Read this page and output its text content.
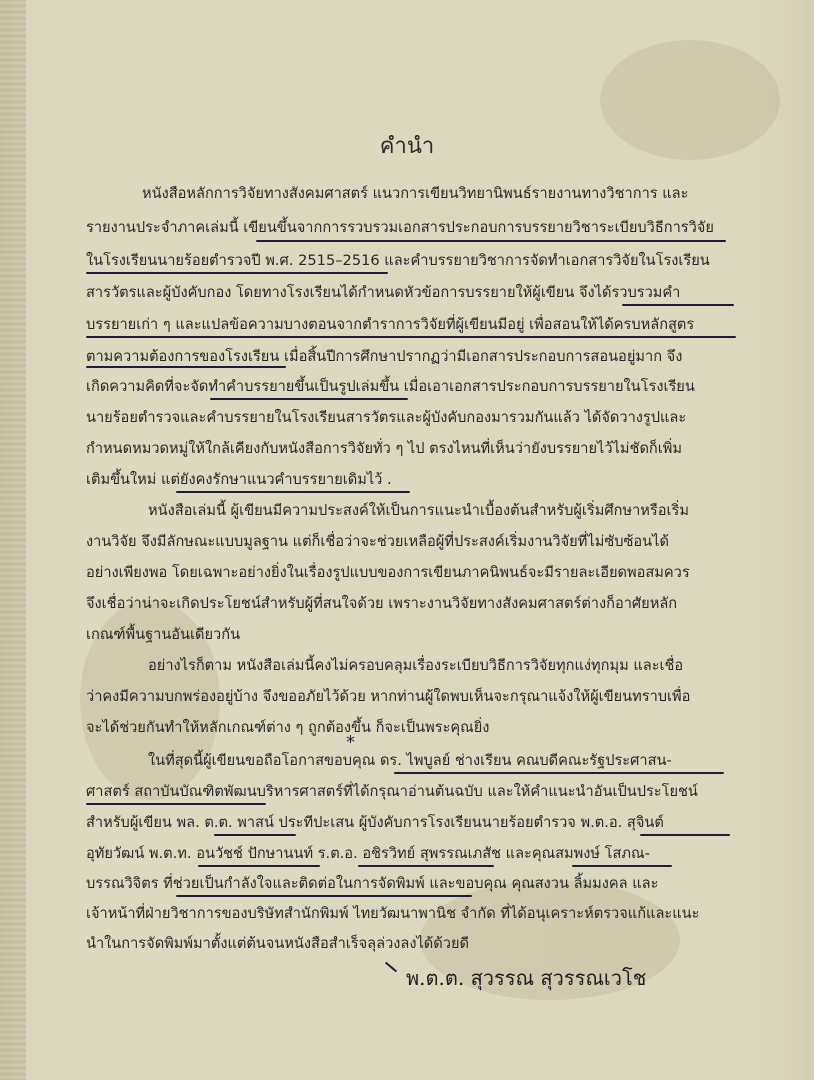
คำนำ
หนังสือหลักการวิจัยทางสังคมศาสตร์ แนวการเขียนวิทยานิพนธ์รายงานทางวิชาการ และ
รายงานประจำภาคเล่มนี้ เขียนขึ้นจากการรวบรวมเอกสารประกอบการบรรยายวิชาระเบียบวิธีการวิจัย
ในโรงเรียนนายร้อยตำรวจปี พ.ศ. 2515–2516 และคำบรรยายวิชาการจัดทำเอกสารวิจัยในโรงเรียน
สารวัตรและผู้บังคับกอง โดยทางโรงเรียนได้กำหนดหัวข้อการบรรยายให้ผู้เขียน จึงได้รวบรวมคำ
บรรยายเก่า ๆ และแปลข้อความบางตอนจากตำราการวิจัยที่ผู้เขียนมีอยู่ เพื่อสอนให้ได้ครบหลักสูตร
ตามความต้องการของโรงเรียน เมื่อสิ้นปีการศึกษาปรากฏว่ามีเอกสารประกอบการสอนอยู่มาก จึง
เกิดความคิดที่จะจัดทำคำบรรยายขึ้นเป็นรูปเล่มขึ้น เมื่อเอาเอกสารประกอบการบรรยายในโรงเรียน
นายร้อยตำรวจและคำบรรยายในโรงเรียนสารวัตรและผู้บังคับกองมารวมกันแล้ว ได้จัดวางรูปและ
กำหนดหมวดหมู่ให้ใกล้เคียงกับหนังสือการวิจัยทั่ว ๆ ไป ตรงไหนที่เห็นว่ายังบรรยายไว้ไม่ชัดก็เพิ่ม
เติมขึ้นใหม่ แต่ยังคงรักษาแนวคำบรรยายเดิมไว้ .
หนังสือเล่มนี้ ผู้เขียนมีความประสงค์ให้เป็นการแนะนำเบื้องต้นสำหรับผู้เริ่มศึกษาหรือเริ่ม
งานวิจัย จึงมีลักษณะแบบมูลฐาน แต่ก็เชื่อว่าจะช่วยเหลือผู้ที่ประสงค์เริ่มงานวิจัยที่ไม่ซับซ้อนได้
อย่างเพียงพอ โดยเฉพาะอย่างยิ่งในเรื่องรูปแบบของการเขียนภาคนิพนธ์จะมีรายละเอียดพอสมควร
จึงเชื่อว่าน่าจะเกิดประโยชน์สำหรับผู้ที่สนใจด้วย เพราะงานวิจัยทางสังคมศาสตร์ต่างก็อาศัยหลัก
เกณฑ์พื้นฐานอันเดียวกัน
อย่างไรก็ตาม หนังสือเล่มนี้คงไม่ครอบคลุมเรื่องระเบียบวิธีการวิจัยทุกแง่ทุกมุม และเชื่อ
ว่าคงมีความบกพร่องอยู่บ้าง จึงขออภัยไว้ด้วย หากท่านผู้ใดพบเห็นจะกรุณาแจ้งให้ผู้เขียนทราบเพื่อ
จะได้ช่วยกันทำให้หลักเกณฑ์ต่าง ๆ ถูกต้องขึ้น ก็จะเป็นพระคุณยิ่ง
ในที่สุดนี้ผู้เขียนขอถือโอกาสขอบคุณ ดร. ไพบูลย์ ช่างเรียน คณบดีคณะรัฐประศาสน-
ศาสตร์ สถาบันบัณฑิตพัฒนบริหารศาสตร์ที่ได้กรุณาอ่านต้นฉบับ และให้คำแนะนำอันเป็นประโยชน์
สำหรับผู้เขียน พล. ต.ต. พาสน์ ประทีปะเสน ผู้บังคับการโรงเรียนนายร้อยตำรวจ พ.ต.อ. สุจินต์
อุทัยวัฒน์ พ.ต.ท. อนวัชช์ ปักษานนท์ ร.ต.อ. อชิรวิทย์ สุพรรณเภสัช และคุณสมพงษ์ โสภณ-
บรรณวิจิตร ที่ช่วยเป็นกำลังใจและติดต่อในการจัดพิมพ์ และขอบคุณ คุณสงวน ลิ้มมงคล และ
เจ้าหน้าที่ฝ่ายวิชาการของบริษัทสำนักพิมพ์ ไทยวัฒนาพานิช จำกัด ที่ได้อนุเคราะห์ตรวจแก้และแนะ
นำในการจัดพิมพ์มาตั้งแต่ต้นจนหนังสือสำเร็จลุล่วงลงได้ด้วยดี
*
พ.ต.ต. สุวรรณ สุวรรณเวโช
